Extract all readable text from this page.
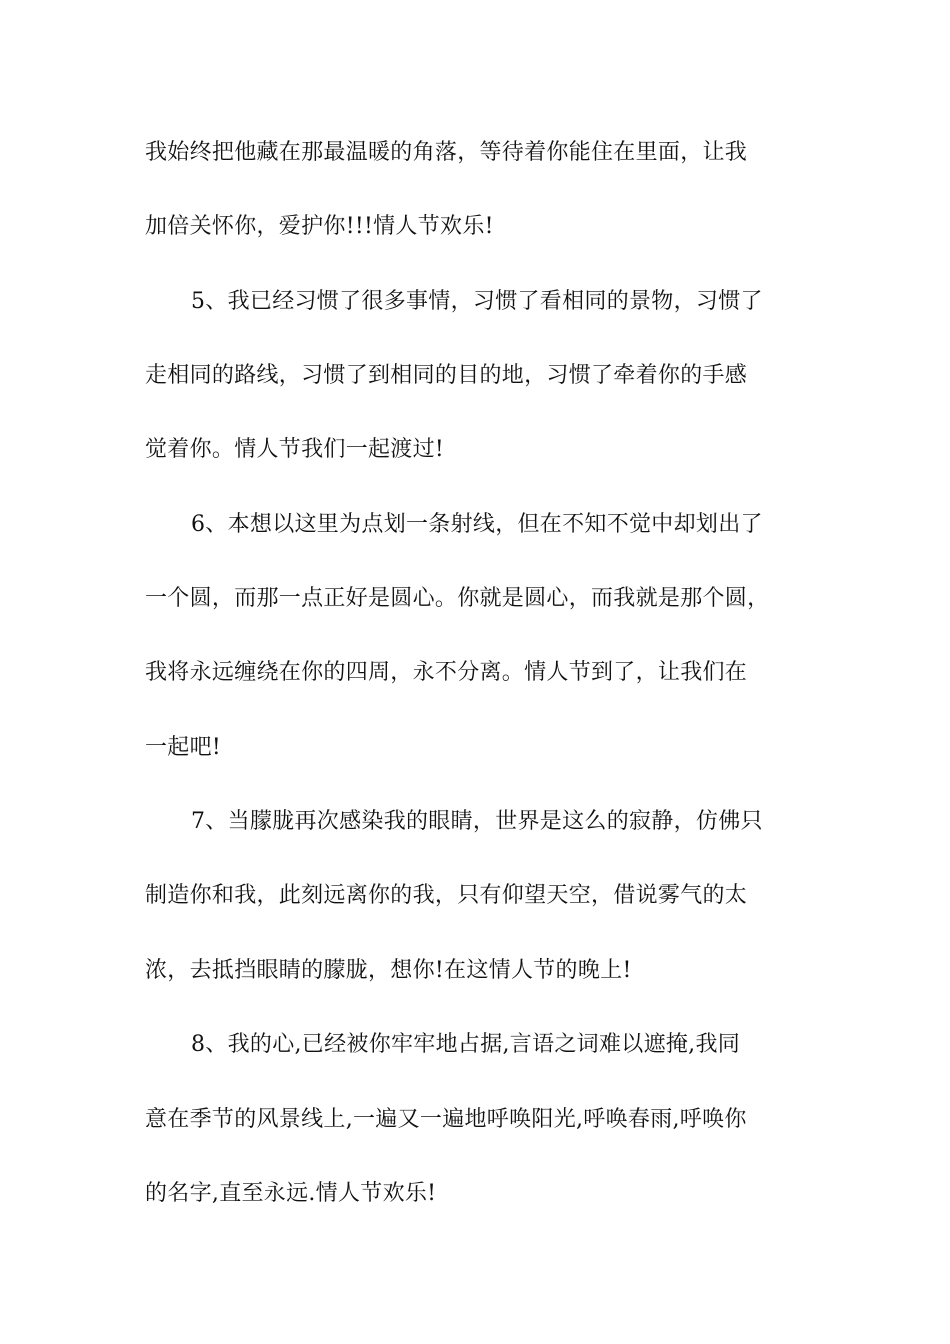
我始终把他藏在那最温暖的角落，等待着你能住在里面，让我

加倍关怀你，爱护你!!!情人节欢乐!

5、我已经习惯了很多事情，习惯了看相同的景物，习惯了

走相同的路线，习惯了到相同的目的地，习惯了牵着你的手感

觉着你。情人节我们一起渡过!

6、本想以这里为点划一条射线，但在不知不觉中却划出了

一个圆，而那一点正好是圆心。你就是圆心，而我就是那个圆，

我将永远缠绕在你的四周，永不分离。情人节到了，让我们在

一起吧!

7、当朦胧再次感染我的眼睛，世界是这么的寂静，仿佛只

制造你和我，此刻远离你的我，只有仰望天空，借说雾气的太

浓，去抵挡眼睛的朦胧，想你!在这情人节的晚上!

8、我的心,已经被你牢牢地占据,言语之词难以遮掩,我同

意在季节的风景线上,一遍又一遍地呼唤阳光,呼唤春雨,呼唤你

的名字,直至永远.情人节欢乐!
